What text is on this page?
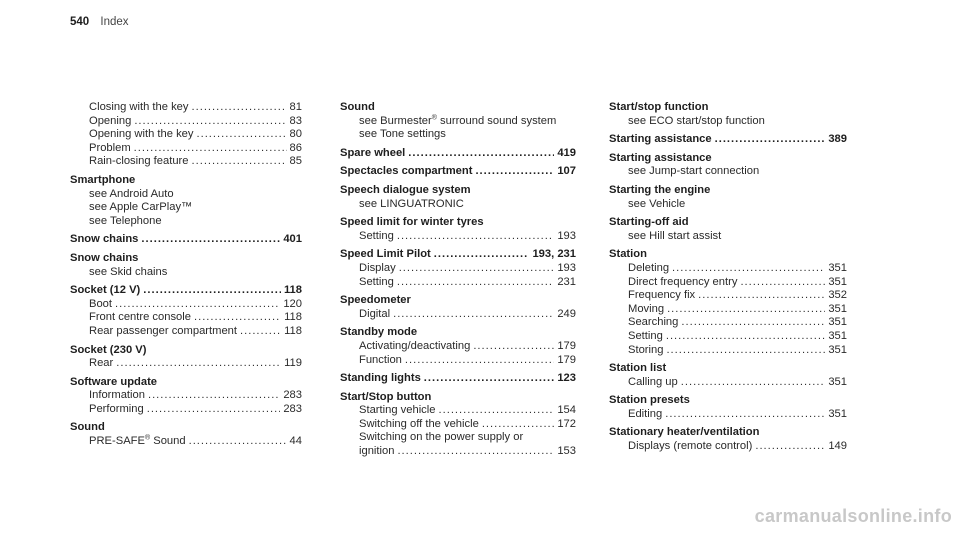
540 Index
Closing with the key .....	81
Opening .....	83
Opening with the key .....	80
Problem .....	86
Rain-closing feature .....	85
Smartphone
see Android Auto
see Apple CarPlay™
see Telephone
Snow chains .....	401
Snow chains
see Skid chains
Socket (12 V) .....	118
Boot .....	120
Front centre console .....	118
Rear passenger compartment .....	118
Socket (230 V)
Rear .....	119
Software update
Information .....	283
Performing .....	283
Sound
PRE-SAFE® Sound .....	44
Sound
see Burmester® surround sound system
see Tone settings
Spare wheel .....	419
Spectacles compartment .....	107
Speech dialogue system
see LINGUATRONIC
Speed limit for winter tyres
Setting .....	193
Speed Limit Pilot .....	193, 231
Display .....	193
Setting .....	231
Speedometer
Digital .....	249
Standby mode
Activating/deactivating .....	179
Function .....	179
Standing lights .....	123
Start/Stop button
Starting vehicle .....	154
Switching off the vehicle .....	172
Switching on the power supply or
ignition .....	153
Start/stop function
see ECO start/stop function
Starting assistance .....	389
Starting assistance
see Jump-start connection
Starting the engine
see Vehicle
Starting-off aid
see Hill start assist
Station
Deleting .....	351
Direct frequency entry .....	351
Frequency fix .....	352
Moving .....	351
Searching .....	351
Setting .....	351
Storing .....	351
Station list
Calling up .....	351
Station presets
Editing .....	351
Stationary heater/ventilation
Displays (remote control) .....	149
carmanualsonline.info
